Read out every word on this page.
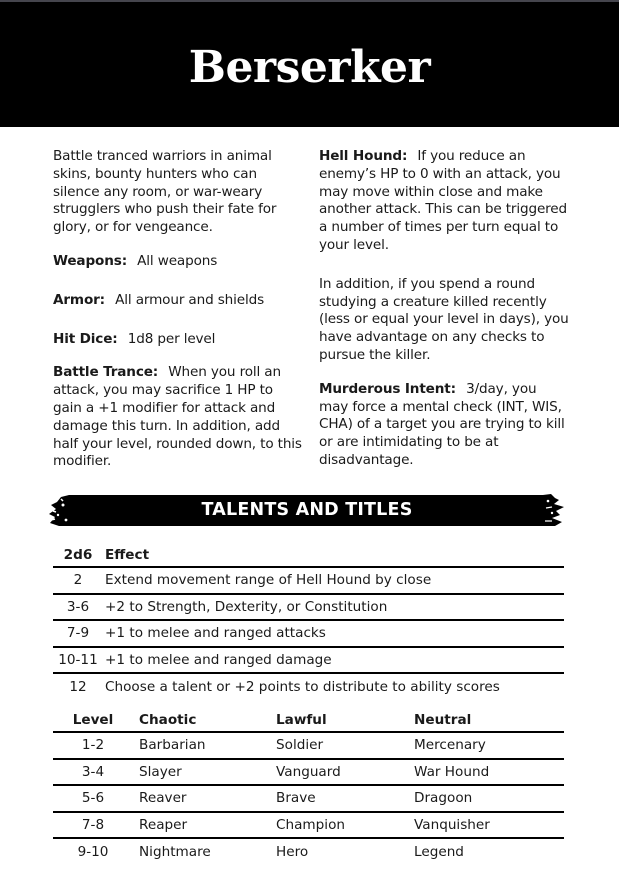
Berserker

Battle tranced warriors in animal skins, bounty hunters who can silence any room, or war-weary strugglers who push their fate for glory, or for vengeance.

Weapons: All weapons

Armor: All armour and shields

Hit Dice: 1d8 per level

Battle Trance: When you roll an attack, you may sacrifice 1 HP to gain a +1 modifier for attack and damage this turn. In addition, add half your level, rounded down, to this modifier.

Hell Hound: If you reduce an enemy’s HP to 0 with an attack, you may move within close and make another attack. This can be triggered a number of times per turn equal to your level.

In addition, if you spend a round studying a creature killed recently (less or equal your level in days), you have advantage on any checks to pursue the killer.

Murderous Intent: 3/day, you may force a mental check (INT, WIS, CHA) of a target you are trying to kill or are intimidating to be at disadvantage.

TALENTS AND TITLES
2d6	Effect
2	Extend movement range of Hell Hound by close
3-6	+2 to Strength, Dexterity, or Constitution
7-9	+1 to melee and ranged attacks
10-11	+1 to melee and ranged damage
12	Choose a talent or +2 points to distribute to ability scores
Level	Chaotic	Lawful	Neutral
1-2	Barbarian	Soldier	Mercenary
3-4	Slayer	Vanguard	War Hound
5-6	Reaver	Brave	Dragoon
7-8	Reaper	Champion	Vanquisher
9-10	Nightmare	Hero	Legend
